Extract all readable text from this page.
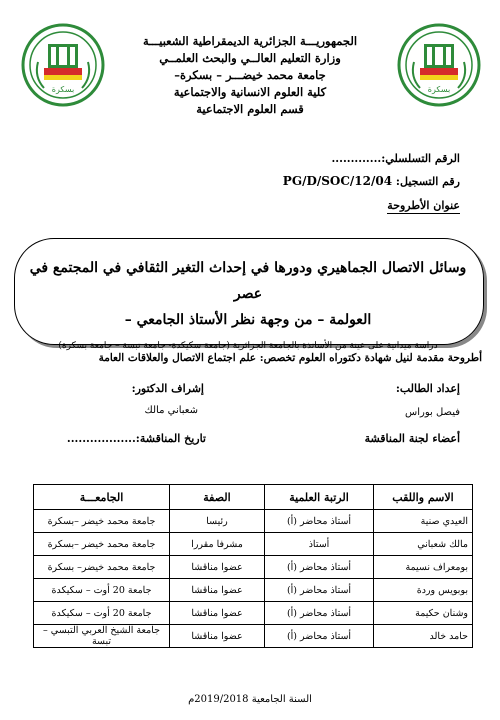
بسكرة	بسكرة
الجمهوريـــة الجزائرية الديمقراطية الشعبيـــة
وزارة التعليم العالــي والبحث العلمــي
جامعة محمد خيضـــر – بسكرة–
كلية العلوم الانسانية والاجتماعية
قسم العلوم الاجتماعية
الرقم التسلسلي:.............
رقم التسجيل: 04/PG/D/SOC/12
عنوان الأطروحة
وسائل الاتصال الجماهيري ودورها في إحداث التغير الثقافي في المجتمع في عصر
العولمة – من وجهة نظر الأستاذ الجامعي –
دراسة ميدانية على عينة من الأساتذة بالجامعة الجزائرية (جامعة سكيكدة- جامعة تبسة – جامعة بسكرة)
أطروحة مقدمة لنيل شهادة دكتوراه العلوم تخصص: علم اجتماع الاتصال والعلاقات العامة
إعداد الطالب:
إشراف الدكتور:
فيصل بوراس
شعباني مالك
أعضاء لجنة المناقشة
تاريخ المناقشة:..................
الاسم واللقب	الرتبة العلمية	الصفة	الجامعـــة
العيدي صنية	أستاذ محاضر (أ)	رئيسا	جامعة محمد خيضر –بسكرة
مالك شعباني	أستاذ	مشرفا مقررا	جامعة محمد خيضر –بسكرة
بومعراف نسيمة	أستاذ محاضر (أ)	عضوا مناقشا	جامعة محمد خيضر– بسكرة
بوبويس وردة	أستاذ محاضر (أ)	عضوا مناقشا	جامعة 20 أوت – سكيكدة
وشنان حكيمة	أستاذ محاضر (أ)	عضوا مناقشا	جامعة 20 أوت – سكيكدة
حامد خالد	أستاذ محاضر (أ)	عضوا مناقشا	جامعة الشيخ العربي التبسي – تبسة
السنة الجامعية 2019/2018م
